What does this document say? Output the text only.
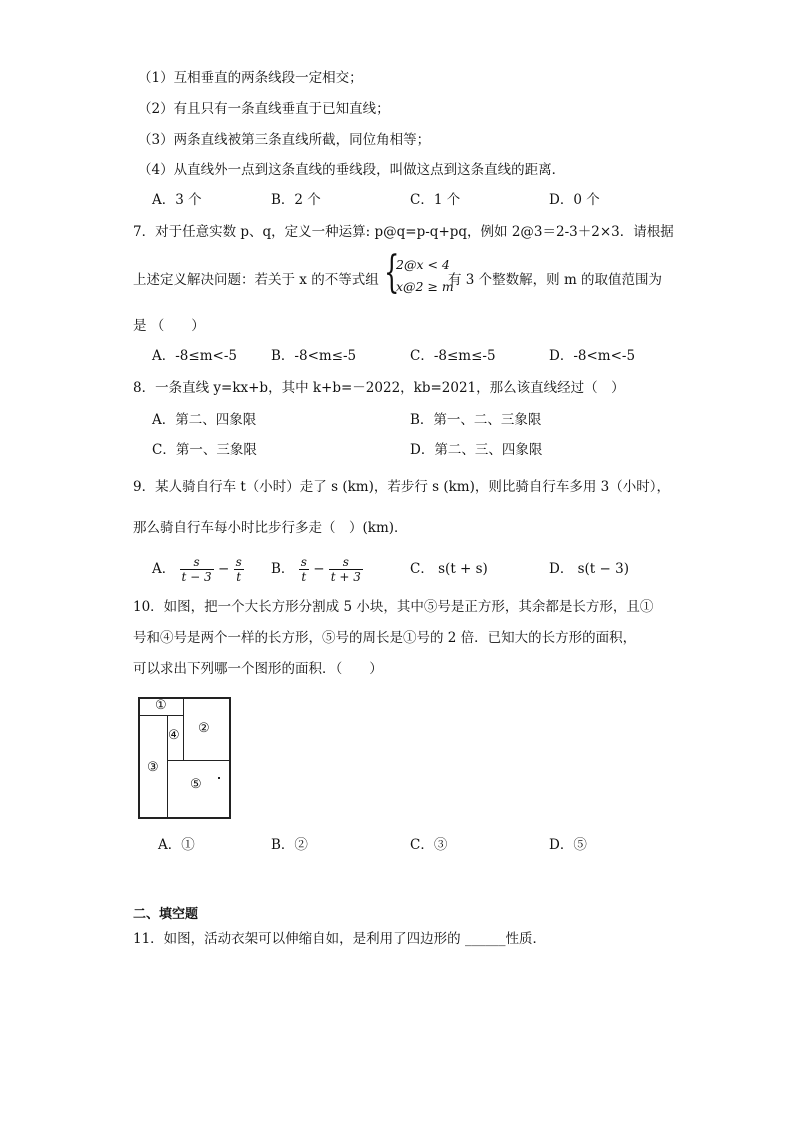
（1）互相垂直的两条线段一定相交；
（2）有且只有一条直线垂直于已知直线；
（3）两条直线被第三条直线所截，同位角相等；
（4）从直线外一点到这条直线的垂线段，叫做这点到这条直线的距离．
A．3 个	B．2 个	C．1 个	D．0 个
7．对于任意实数 p、q，定义一种运算: p@q=p-q+pq，例如 2@3＝2-3＋2×3．请根据
上述定义解决问题：若关于 x 的不等式组 {
2@x < 4
x@2 ≥ m
有 3 个整数解，则 m 的取值范围为
是 （　　）
A．-8≤m<-5	B．-8<m≤-5	C．-8≤m≤-5	D．-8<m<-5
8．一条直线 y=kx+b，其中 k+b=－2022，kb=2021，那么该直线经过（　）
A．第二、四象限	B．第一、二、三象限
C．第一、三象限	D．第二、三、四象限
9．某人骑自行车 t（小时）走了 s (km)，若步行 s (km)，则比骑自行车多用 3（小时），
那么骑自行车每小时比步行多走（　）(km)．
A． $\frac{s}{t - 3} - \frac{s}{t}$ B． $\frac{s}{t} - \frac{s}{t + 3}$	C． s(t + s)	D． s(t − 3)
10．如图，把一个大长方形分割成 5 小块，其中⑤号是正方形，其余都是长方形，且①
号和④号是两个一样的长方形，⑤号的周长是①号的 2 倍．已知大的长方形的面积，
可以求出下列哪一个图形的面积．（　　）
①
②
③
④
⑤
A．①	B．②	C．③	D．⑤
二、填空题
11．如图，活动衣架可以伸缩自如，是利用了四边形的 ______性质．
